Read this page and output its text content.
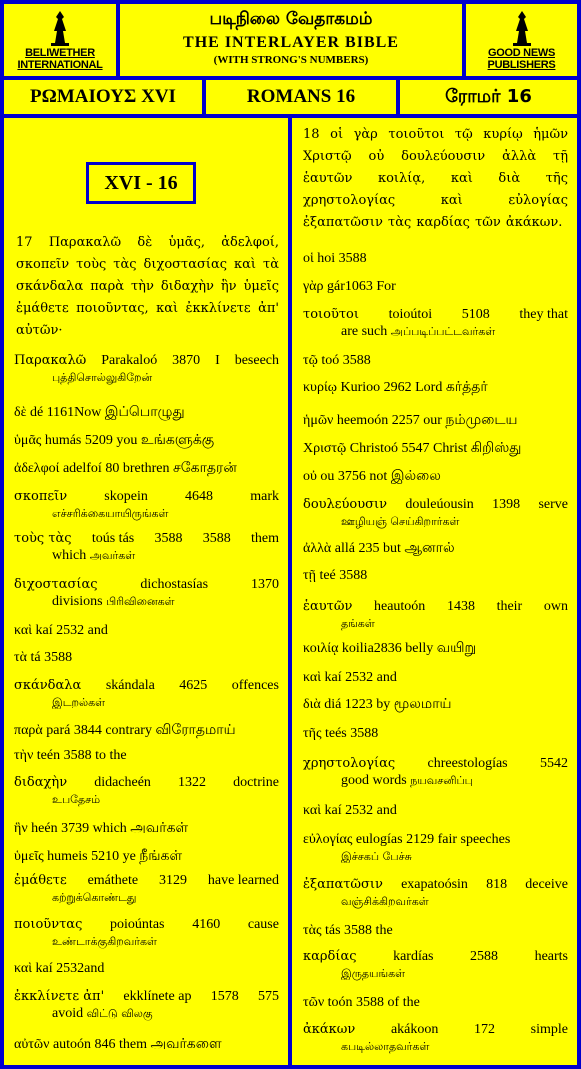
BELIWETHER INTERNATIONAL
படிநிலை வேதாகமம்
THE INTERLAYER BIBLE
(WITH STRONG'S NUMBERS)
GOOD NEWS PUBLISHERS
ΡΩΜΑΙΟΥΣ XVI	ROMANS 16	ரோமர் 16
XVI - 16
17 Παρακαλῶ δὲ ὑμᾶς, ἀδελφοί, σκοπεῖν τοὺς τὰς διχοστασίας καὶ τὰ σκάνδαλα παρὰ τὴν διδαχὴν ἣν ὑμεῖς ἐμάθετε ποιοῦντας, καὶ ἐκκλίνετε ἀπ' αὐτῶν·
18 οἱ γὰρ τοιοῦτοι τῷ κυρίῳ ἡμῶν Χριστῷ οὐ δουλεύουσιν ἀλλὰ τῇ ἑαυτῶν κοιλίᾳ, καὶ διὰ τῆς χρηστολογίας καὶ εὐλογίας ἐξαπατῶσιν τὰς καρδίας τῶν ἀκάκων.
Παρακαλῶ Parakaloó 3870 I beseech
புத்திசொல்லுகிறேன்
δὲ dé 1161Now இப்பொழுது
ὑμᾶς humás 5209 you உங்களுக்கு
ἀδελφοί adelfoí 80 brethren சகோதரன்
σκοπεῖν	skopein	4648	mark
எச்சரிக்கையாயிருங்கள்
τοὺς τὰς toús tás 3588 3588 them
which அவர்கள்
διχοστασίας	dichostasías	1370
divisions பிரிவினைகள்
καὶ kaí 2532 and
τὰ tá 3588
σκάνδαλα skándala 4625 offences
இடறல்கள்
παρὰ pará 3844 contrary விரோதமாய்
τὴν teén 3588 to the
διδαχὴν didacheén 1322 doctrine
உபதேசம்
ἣν heén 3739 which அவர்கள்
ὑμεῖς humeis 5210 ye நீங்கள்
ἐμάθετε emáthete 3129 have learned
கற்றுக்கொண்டது
ποιοῦντας poioúntas 4160 cause
உண்டாக்குகிறவர்கள்
καὶ kaí 2532and
ἐκκλίνετε ἀπ' ekklínete ap 1578 575
avoid விட்டு விலகு
αὐτῶν autoón 846 them அவர்களை
οἱ hoi 3588
γὰρ gár1063 For
τοιοῦτοι toioútoi 5108 they that
are such அப்படிப்பட்டவர்கள்
τῷ toó 3588
κυρίῳ Kurioo 2962 Lord கர்த்தர்
ἡμῶν heemoón 2257 our நம்முடைய
Χριστῷ Christoó 5547 Christ கிறிஸ்து
οὐ ou 3756 not இல்லை
δουλεύουσιν douleúousin 1398 serve
ஊழியஞ் செய்கிறார்கள்
ἀλλὰ allá 235 but ஆனால்
τῇ teé 3588
ἑαυτῶν heautoón 1438 their own
தங்கள்
κοιλίᾳ koilia2836 belly வயிறு
καὶ kaí 2532 and
διὰ diá 1223 by மூலமாய்
τῆς teés 3588
χρηστολογίας chreestologías 5542
good words நயவசனிப்பு
καὶ kaí 2532 and
εὐλογίας eulogías 2129 fair speeches
இச்சகப் பேச்சு
ἐξαπατῶσιν exapatoósin 818 deceive
வஞ்சிக்கிறவர்கள்
τὰς tás 3588 the
καρδίας	kardías	2588	hearts
இருதயங்கள்
τῶν toón 3588 of the
ἀκάκων	akákoon	172	simple
கபடில்லாதவர்கள்
